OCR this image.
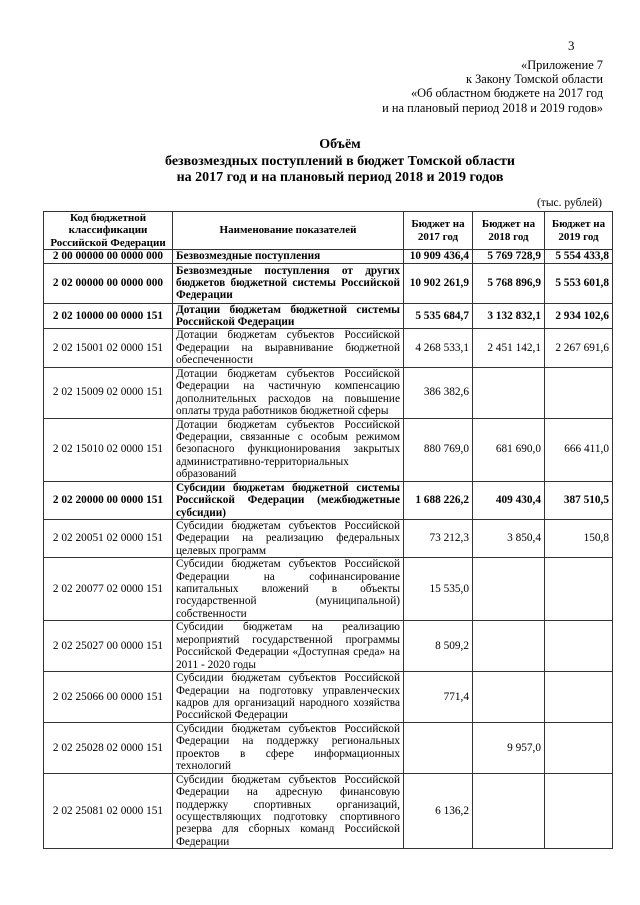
3
«Приложение 7
к Закону Томской области
«Об областном бюджете на 2017 год
и на плановый период 2018 и 2019 годов»
Объём
безвозмездных поступлений в бюджет Томской области
на 2017 год и на плановый период 2018 и 2019 годов
(тыс. рублей)
Код бюджетной классификации Российской Федерации	Наименование показателей	Бюджет на 2017 год	Бюджет на 2018 год	Бюджет на 2019 год
2 00 00000 00 0000 000	Безвозмездные поступления	10 909 436,4	5 769 728,9	5 554 433,8
2 02 00000 00 0000 000	Безвозмездные поступления от других бюджетов бюджетной системы Российской Федерации	10 902 261,9	5 768 896,9	5 553 601,8
2 02 10000 00 0000 151	Дотации бюджетам бюджетной системы Российской Федерации	5 535 684,7	3 132 832,1	2 934 102,6
2 02 15001 02 0000 151	Дотации бюджетам субъектов Российской Федерации на выравнивание бюджетной обеспеченности	4 268 533,1	2 451 142,1	2 267 691,6
2 02 15009 02 0000 151	Дотации бюджетам субъектов Российской Федерации на частичную компенсацию дополнительных расходов на повышение оплаты труда работников бюджетной сферы	386 382,6		
2 02 15010 02 0000 151	Дотации бюджетам субъектов Российской Федерации, связанные с особым режимом безопасного функционирования закрытых административно-территориальных образований	880 769,0	681 690,0	666 411,0
2 02 20000 00 0000 151	Субсидии бюджетам бюджетной системы Российской Федерации (межбюджетные субсидии)	1 688 226,2	409 430,4	387 510,5
2 02 20051 02 0000 151	Субсидии бюджетам субъектов Российской Федерации на реализацию федеральных целевых программ	73 212,3	3 850,4	150,8
2 02 20077 02 0000 151	Субсидии бюджетам субъектов Российской Федерации на софинансирование капитальных вложений в объекты государственной (муниципальной) собственности	15 535,0		
2 02 25027 00 0000 151	Субсидии бюджетам на реализацию мероприятий государственной программы Российской Федерации «Доступная среда» на 2011 - 2020 годы	8 509,2		
2 02 25066 00 0000 151	Субсидии бюджетам субъектов Российской Федерации на подготовку управленческих кадров для организаций народного хозяйства Российской Федерации	771,4		
2 02 25028 02 0000 151	Субсидии бюджетам субъектов Российской Федерации на поддержку региональных проектов в сфере информационных технологий		9 957,0	
2 02 25081 02 0000 151	Субсидии бюджетам субъектов Российской Федерации на адресную финансовую поддержку спортивных организаций, осуществляющих подготовку спортивного резерва для сборных команд Российской Федерации	6 136,2		
